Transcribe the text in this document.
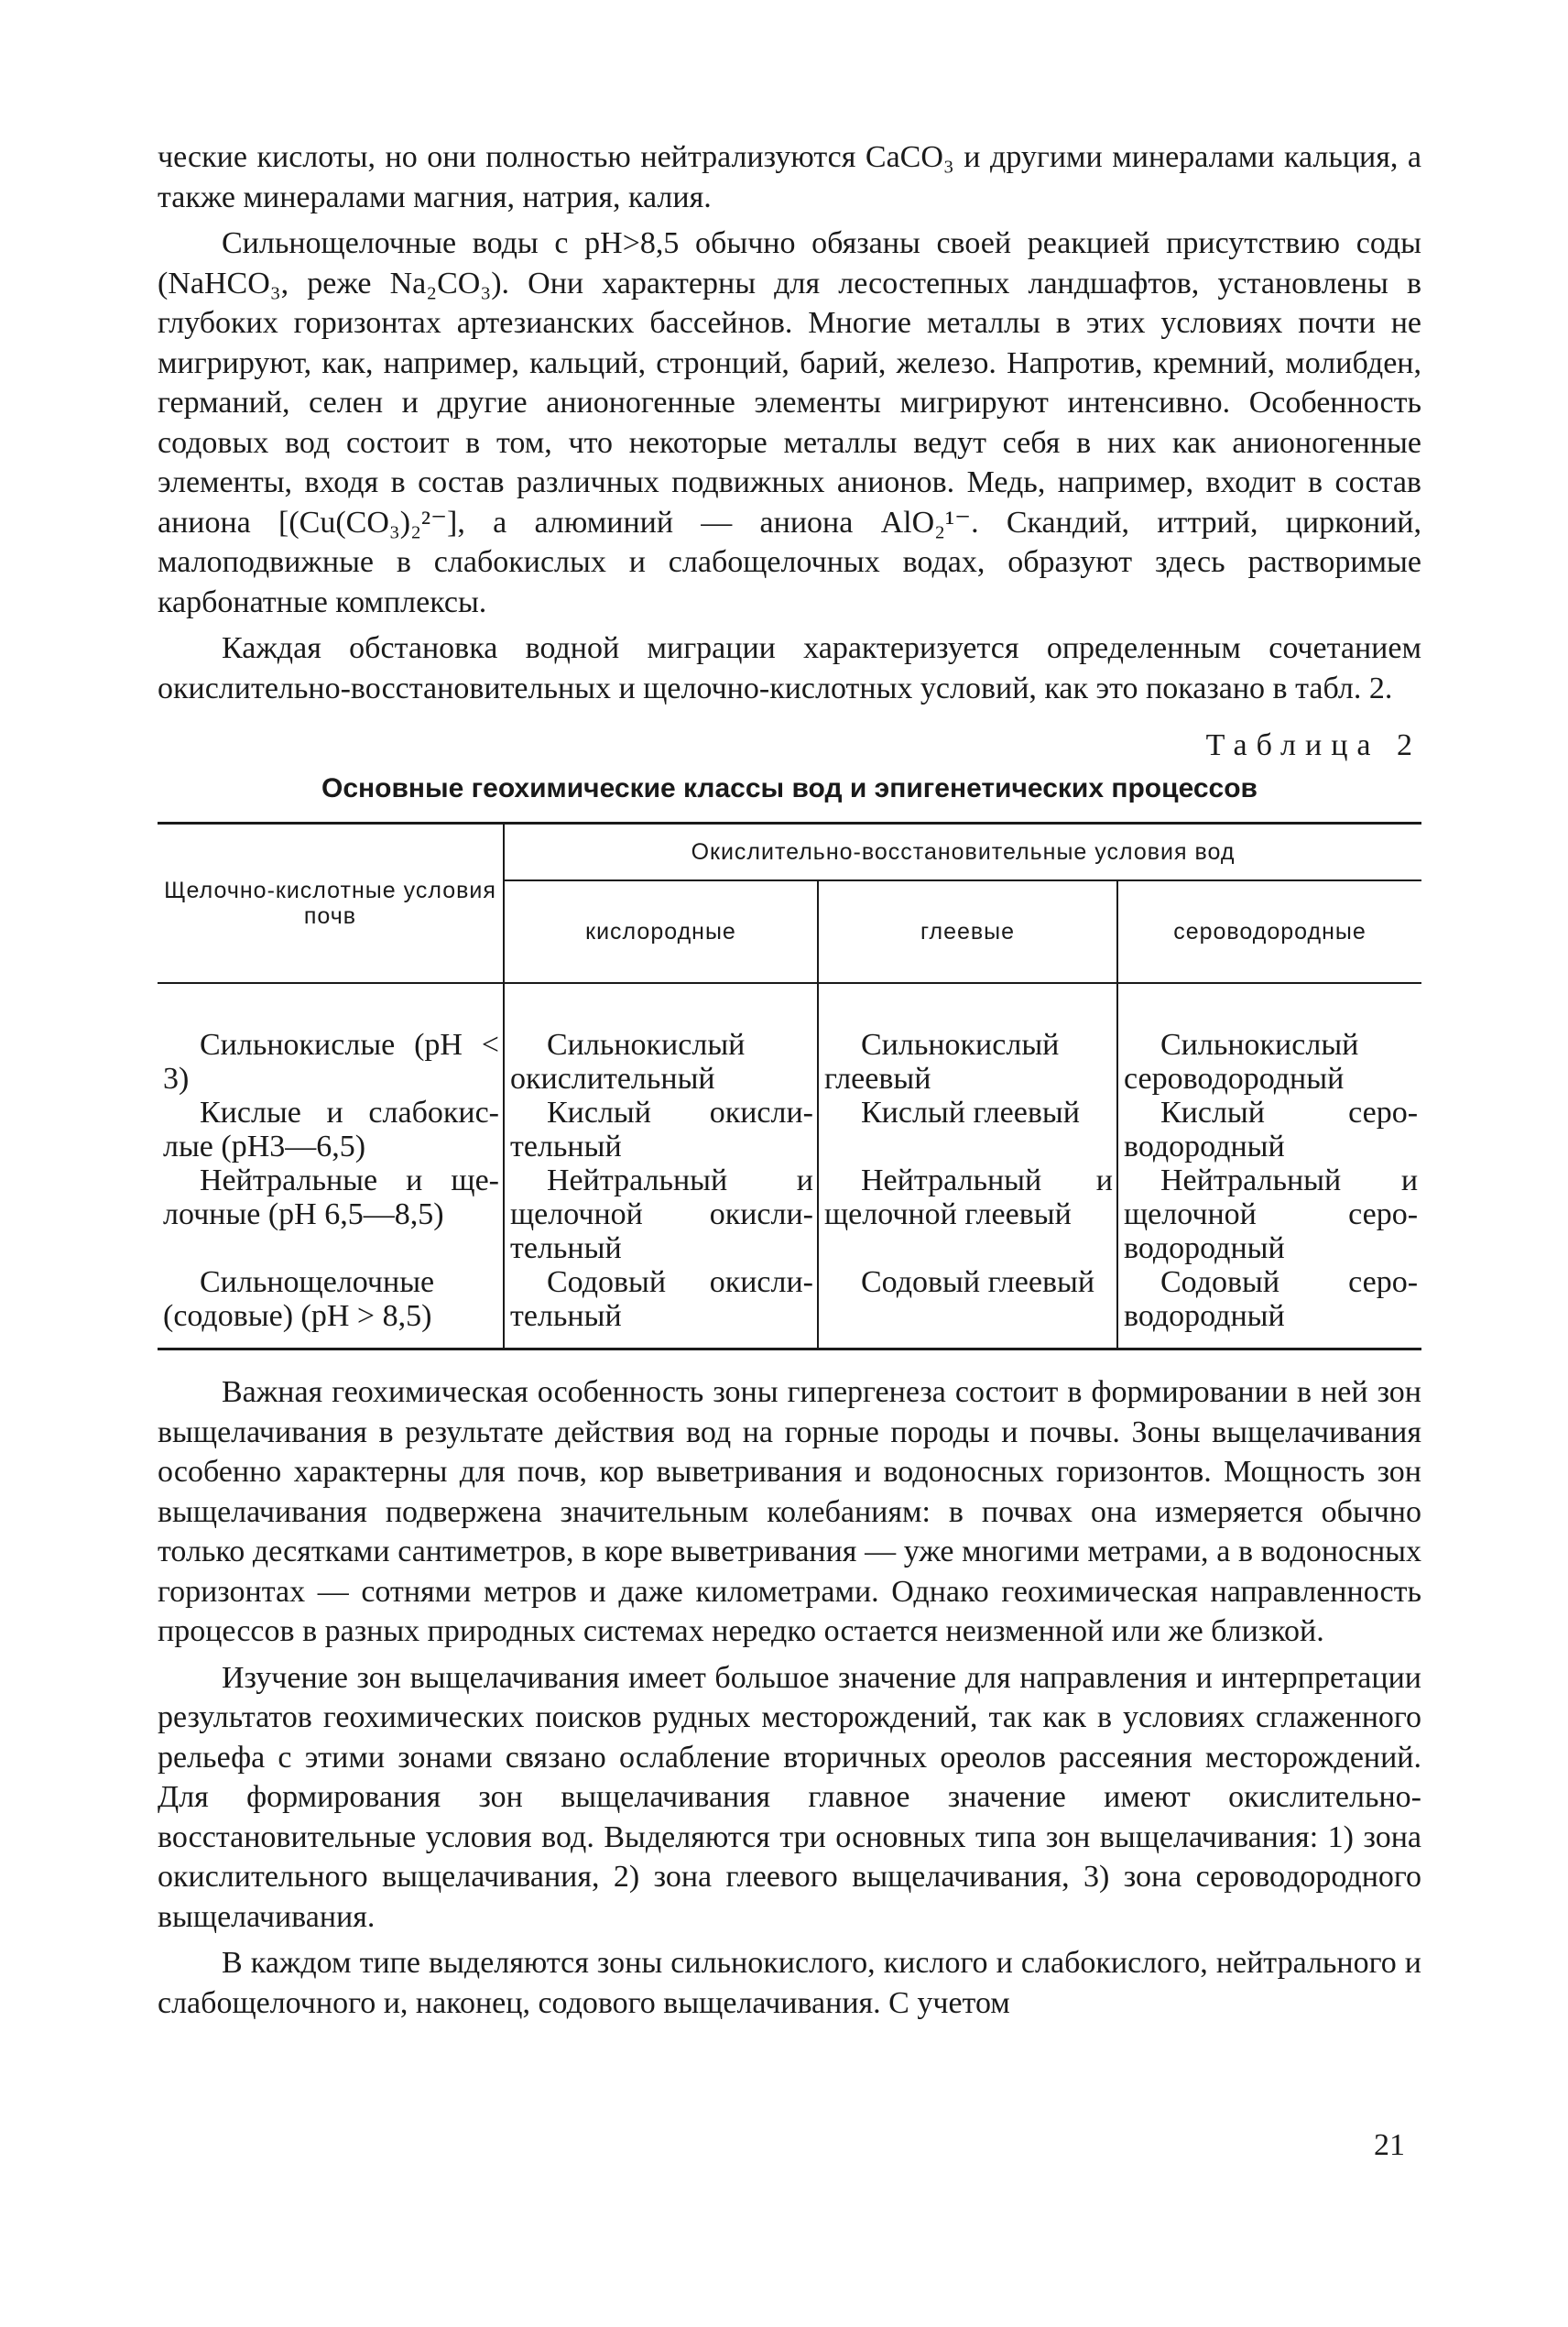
ческие кислоты, но они полностью нейтрализуются CaCO₃ и другими минералами кальция, а также минералами магния, натрия, калия.

Сильнощелочные воды с pH>8,5 обычно обязаны своей реакцией присутствию соды (NaHCO₃, реже Na₂CO₃). Они характерны для лесостепных ландшафтов, установлены в глубоких горизонтах артезианских бассейнов. Многие металлы в этих условиях почти не мигрируют, как, например, кальций, стронций, барий, железо. Напротив, кремний, молибден, германий, селен и другие анионогенные элементы мигрируют интенсивно. Особенность содовых вод состоит в том, что некоторые металлы ведут себя в них как анионогенные элементы, входя в состав различных подвижных анионов. Медь, например, входит в состав аниона [(Cu(CO₃)₂²⁻], а алюминий — аниона AlO₂¹⁻. Скандий, иттрий, цирконий, малоподвижные в слабокислых и слабощелочных водах, образуют здесь растворимые карбонатные комплексы.

Каждая обстановка водной миграции характеризуется определенным сочетанием окислительно-восстановительных и щелочно-кислотных условий, как это показано в табл. 2.

Таблица 2
Основные геохимические классы вод и эпигенетических процессов
Щелочно-кислотные условия почв	Окислительно-восстановительные условия вод		
	кислородные	глеевые	сероводородные

Сильнокислые (pH < 3)	Сильнокислый окислительный	Сильнокислый глеевый	Сильнокислый сероводородный
Кислые и слабокислые (pH3—6,5)	Кислый окислительный	Кислый глеевый	Кислый сероводородный
Нейтральные и щелочные (pH 6,5—8,5)	Нейтральный и щелочной окислительный	Нейтральный и щелочной глеевый	Нейтральный и щелочной сероводородный
Сильнощелочные (содовые) (pH > 8,5)	Содовый окислительный	Содовый глеевый	Содовый сероводородный

Важная геохимическая особенность зоны гипергенеза состоит в формировании в ней зон выщелачивания в результате действия вод на горные породы и почвы. Зоны выщелачивания особенно характерны для почв, кор выветривания и водоносных горизонтов. Мощность зон выщелачивания подвержена значительным колебаниям: в почвах она измеряется обычно только десятками сантиметров, в коре выветривания — уже многими метрами, а в водоносных горизонтах — сотнями метров и даже километрами. Однако геохимическая направленность процессов в разных природных системах нередко остается неизменной или же близкой.

Изучение зон выщелачивания имеет большое значение для направления и интерпретации результатов геохимических поисков рудных месторождений, так как в условиях сглаженного рельефа с этими зонами связано ослабление вторичных ореолов рассеяния месторождений. Для формирования зон выщелачивания главное значение имеют окислительно-восстановительные условия вод. Выделяются три основных типа зон выщелачивания: 1) зона окислительного выщелачивания, 2) зона глеевого выщелачивания, 3) зона сероводородного выщелачивания.

В каждом типе выделяются зоны сильнокислого, кислого и слабокислого, нейтрального и слабощелочного и, наконец, содового выщелачивания. С учетом

21
